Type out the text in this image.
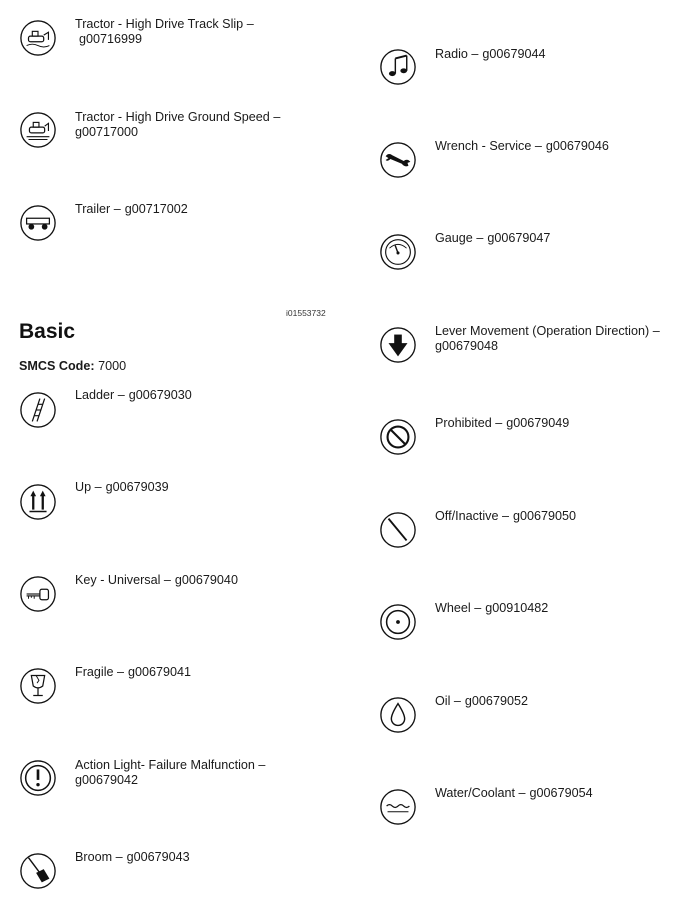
Tractor - High Drive Track Slip –g00716999
Tractor - High Drive Ground Speed –
g00717000
Trailer – g00717002
i01553732
Basic
SMCS Code: 7000
Ladder – g00679030
Up – g00679039
Key - Universal – g00679040
Fragile – g00679041
Action Light- Failure Malfunction –
g00679042
Broom – g00679043
Radio – g00679044
Wrench - Service – g00679046
Gauge – g00679047
Lever Movement (Operation Direction) –
g00679048
Prohibited – g00679049
Off/Inactive – g00679050
Wheel – g00910482
Oil – g00679052
Water/Coolant – g00679054
